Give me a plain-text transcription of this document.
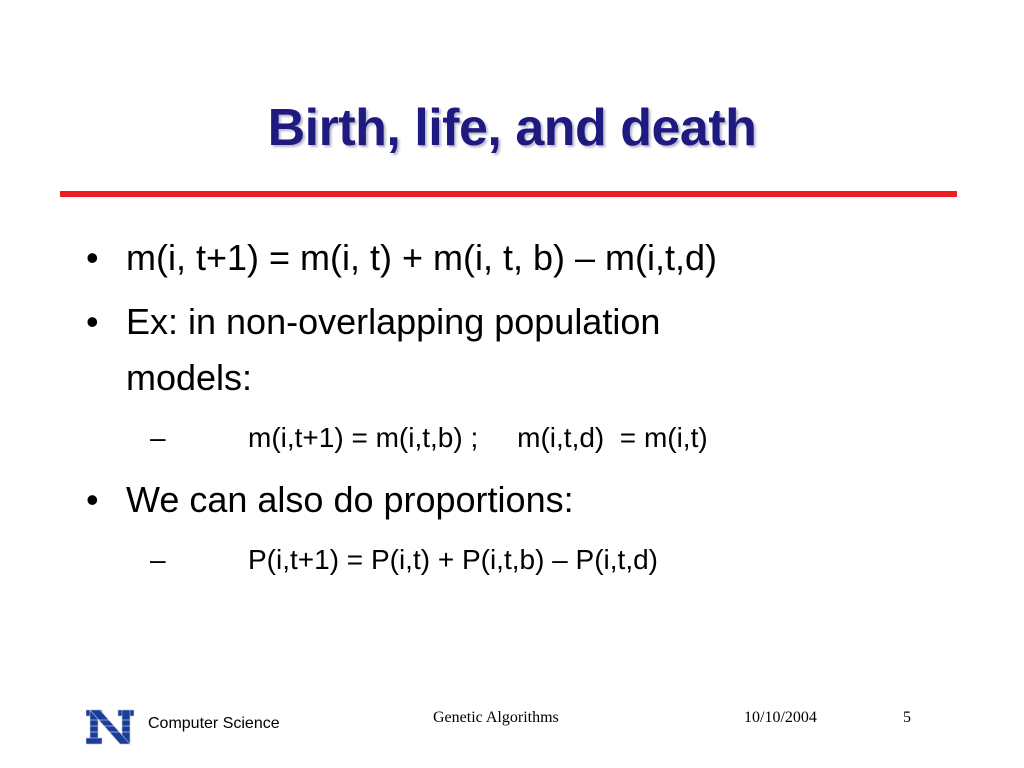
Birth, life, and death
• m(i, t+1) = m(i, t) + m(i, t, b) – m(i,t,d)
• Ex: in non-overlapping population
models:
–	m(i,t+1) = m(i,t,b) ;     m(i,t,d)  = m(i,t)
• We can also do proportions:
–	P(i,t+1) = P(i,t) + P(i,t,b) – P(i,t,d)
Computer Science	Genetic Algorithms	10/10/2004	5
